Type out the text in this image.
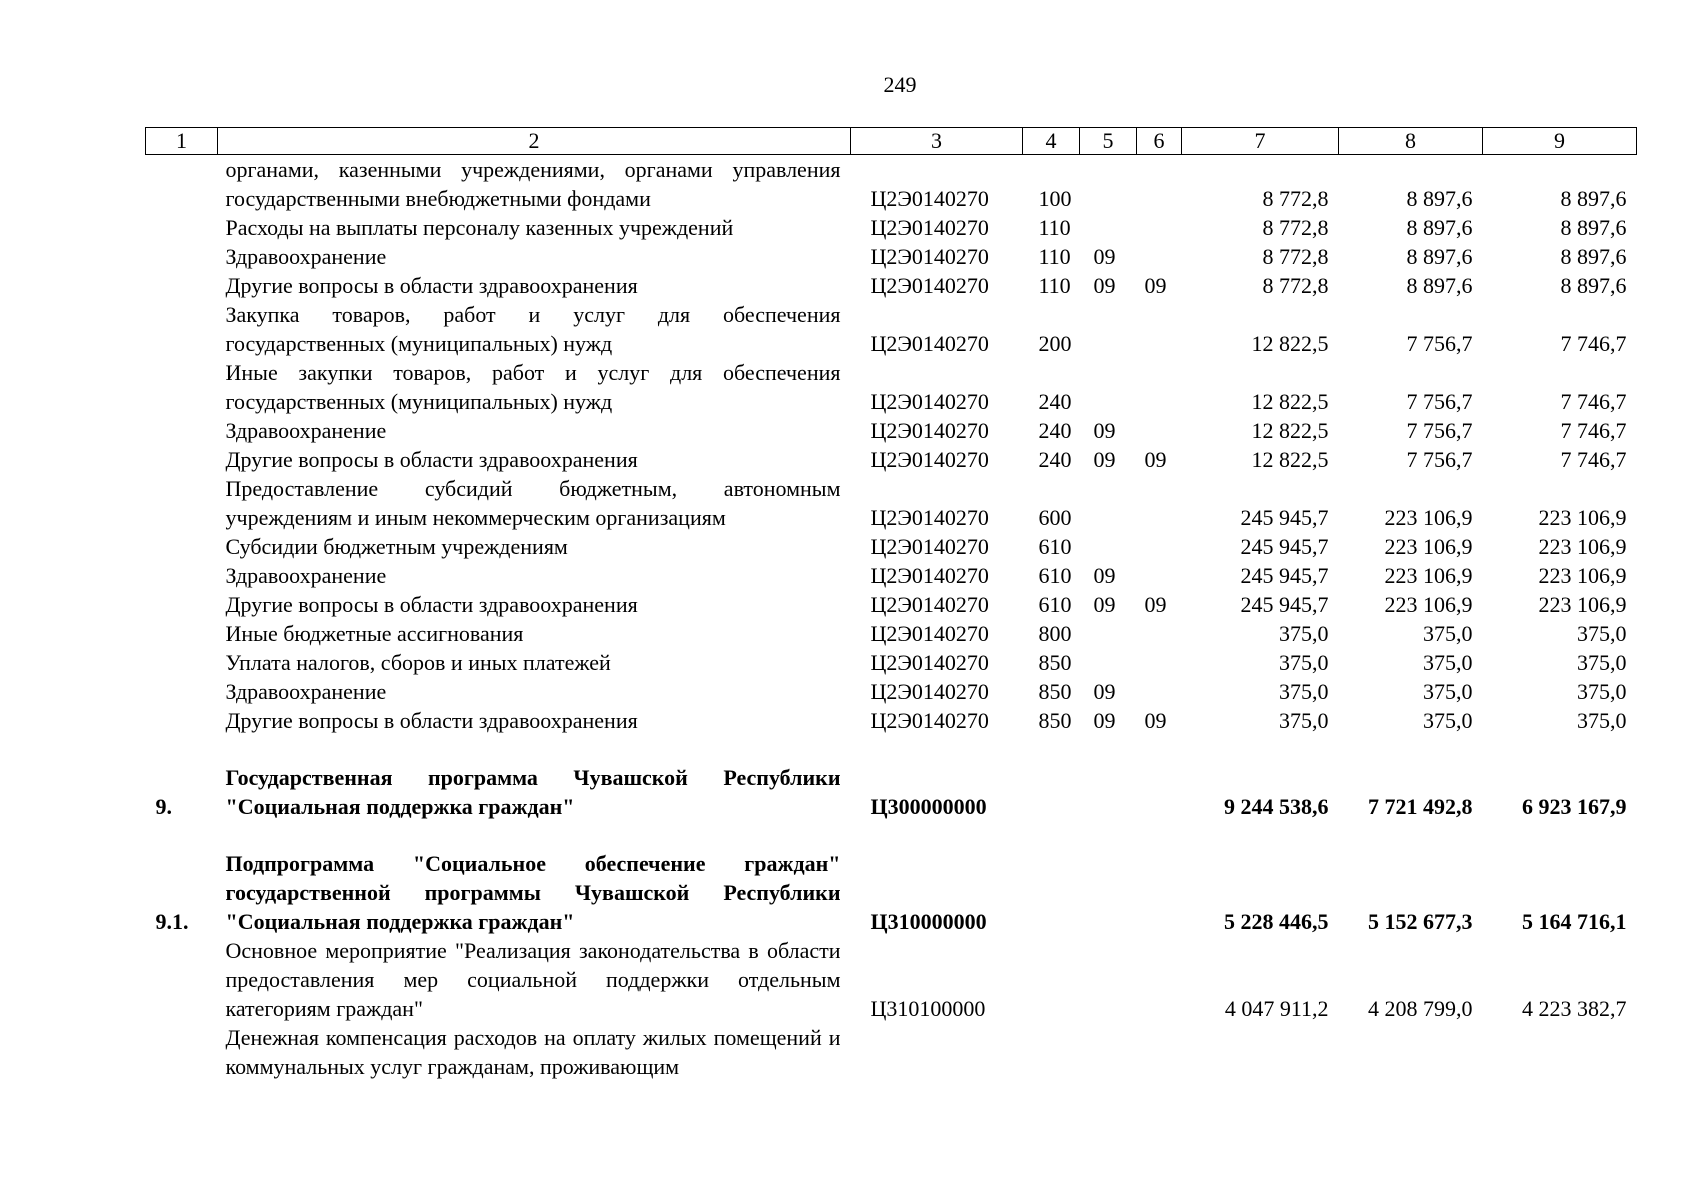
249
1	2	3	4	5	6	7	8	9
	органами, казенными учреждениями, органами управления государственными внебюджетными фондами	Ц2Э0140270	100			8 772,8	8 897,6	8 897,6
	Расходы на выплаты персоналу казенных учреждений	Ц2Э0140270	110			8 772,8	8 897,6	8 897,6
	Здравоохранение	Ц2Э0140270	110	09		8 772,8	8 897,6	8 897,6
	Другие вопросы в области здравоохранения	Ц2Э0140270	110	09	09	8 772,8	8 897,6	8 897,6
	Закупка товаров, работ и услуг для обеспечения государственных (муниципальных) нужд	Ц2Э0140270	200			12 822,5	7 756,7	7 746,7
	Иные закупки товаров, работ и услуг для обеспечения государственных (муниципальных) нужд	Ц2Э0140270	240			12 822,5	7 756,7	7 746,7
	Здравоохранение	Ц2Э0140270	240	09		12 822,5	7 756,7	7 746,7
	Другие вопросы в области здравоохранения	Ц2Э0140270	240	09	09	12 822,5	7 756,7	7 746,7
	Предоставление субсидий бюджетным, автономным учреждениям и иным некоммерческим организациям	Ц2Э0140270	600			245 945,7	223 106,9	223 106,9
	Субсидии бюджетным учреждениям	Ц2Э0140270	610			245 945,7	223 106,9	223 106,9
	Здравоохранение	Ц2Э0140270	610	09		245 945,7	223 106,9	223 106,9
	Другие вопросы в области здравоохранения	Ц2Э0140270	610	09	09	245 945,7	223 106,9	223 106,9
	Иные бюджетные ассигнования	Ц2Э0140270	800			375,0	375,0	375,0
	Уплата налогов, сборов и иных платежей	Ц2Э0140270	850			375,0	375,0	375,0
	Здравоохранение	Ц2Э0140270	850	09		375,0	375,0	375,0
	Другие вопросы в области здравоохранения	Ц2Э0140270	850	09	09	375,0	375,0	375,0

9.	Государственная программа Чувашской Республики "Социальная поддержка граждан"	Ц300000000				9 244 538,6	7 721 492,8	6 923 167,9

9.1.	Подпрограмма "Социальное обеспечение граждан" государственной программы Чувашской Республики "Социальная поддержка граждан"	Ц310000000				5 228 446,5	5 152 677,3	5 164 716,1
	Основное мероприятие "Реализация законодательства в области предоставления мер социальной поддержки отдельным категориям граждан"	Ц310100000				4 047 911,2	4 208 799,0	4 223 382,7
	Денежная компенсация расходов на оплату жилых помещений и коммунальных услуг гражданам, проживающим							
